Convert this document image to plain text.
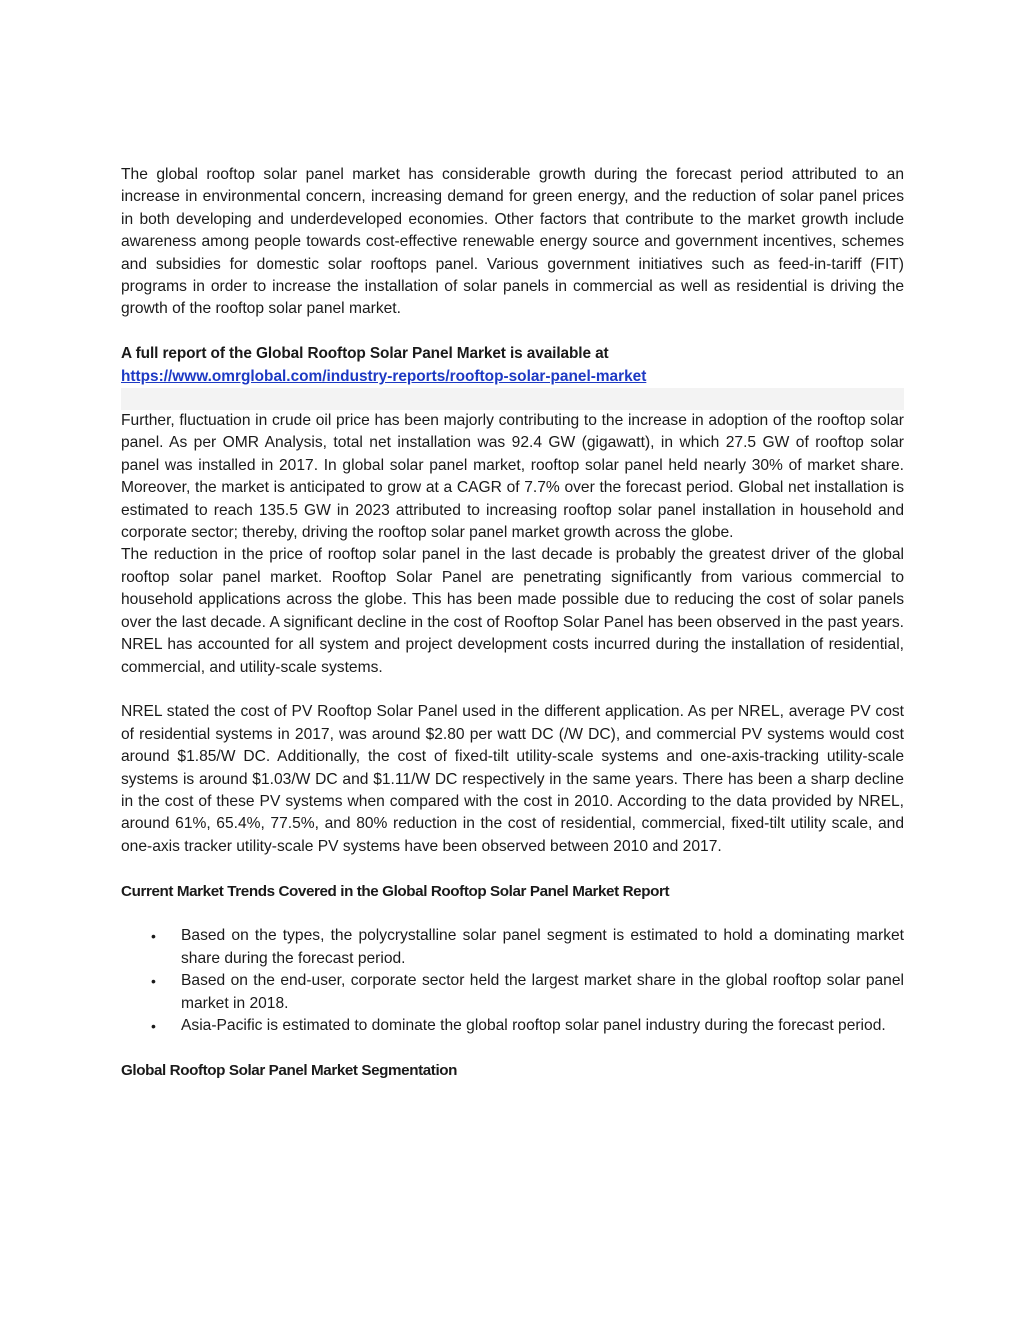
The global rooftop solar panel market has considerable growth during the forecast period attributed to an increase in environmental concern, increasing demand for green energy, and the reduction of solar panel prices in both developing and underdeveloped economies. Other factors that contribute to the market growth include awareness among people towards cost-effective renewable energy source and government incentives, schemes and subsidies for domestic solar rooftops panel. Various government initiatives such as feed-in-tariff (FIT) programs in order to increase the installation of solar panels in commercial as well as residential is driving the growth of the rooftop solar panel market.

A full report of the Global Rooftop Solar Panel Market is available at
https://www.omrglobal.com/industry-reports/rooftop-solar-panel-market

Further, fluctuation in crude oil price has been majorly contributing to the increase in adoption of the rooftop solar panel. As per OMR Analysis, total net installation was 92.4 GW (gigawatt), in which 27.5 GW of rooftop solar panel was installed in 2017. In global solar panel market, rooftop solar panel held nearly 30% of market share. Moreover, the market is anticipated to grow at a CAGR of 7.7% over the forecast period. Global net installation is estimated to reach 135.5 GW in 2023 attributed to increasing rooftop solar panel installation in household and corporate sector; thereby, driving the rooftop solar panel market growth across the globe.

The reduction in the price of rooftop solar panel in the last decade is probably the greatest driver of the global rooftop solar panel market. Rooftop Solar Panel are penetrating significantly from various commercial to household applications across the globe. This has been made possible due to reducing the cost of solar panels over the last decade. A significant decline in the cost of Rooftop Solar Panel has been observed in the past years. NREL has accounted for all system and project development costs incurred during the installation of residential, commercial, and utility-scale systems.

NREL stated the cost of PV Rooftop Solar Panel used in the different application. As per NREL, average PV cost of residential systems in 2017, was around $2.80 per watt DC (/W DC), and commercial PV systems would cost around $1.85/W DC. Additionally, the cost of fixed-tilt utility-scale systems and one-axis-tracking utility-scale systems is around $1.03/W DC and $1.11/W DC respectively in the same years. There has been a sharp decline in the cost of these PV systems when compared with the cost in 2010. According to the data provided by NREL, around 61%, 65.4%, 77.5%, and 80% reduction in the cost of residential, commercial, fixed-tilt utility scale, and one-axis tracker utility-scale PV systems have been observed between 2010 and 2017.

Current Market Trends Covered in the Global Rooftop Solar Panel Market Report
• Based on the types, the polycrystalline solar panel segment is estimated to hold a dominating market share during the forecast period.
• Based on the end-user, corporate sector held the largest market share in the global rooftop solar panel market in 2018.
• Asia-Pacific is estimated to dominate the global rooftop solar panel industry during the forecast period.
Global Rooftop Solar Panel Market Segmentation
